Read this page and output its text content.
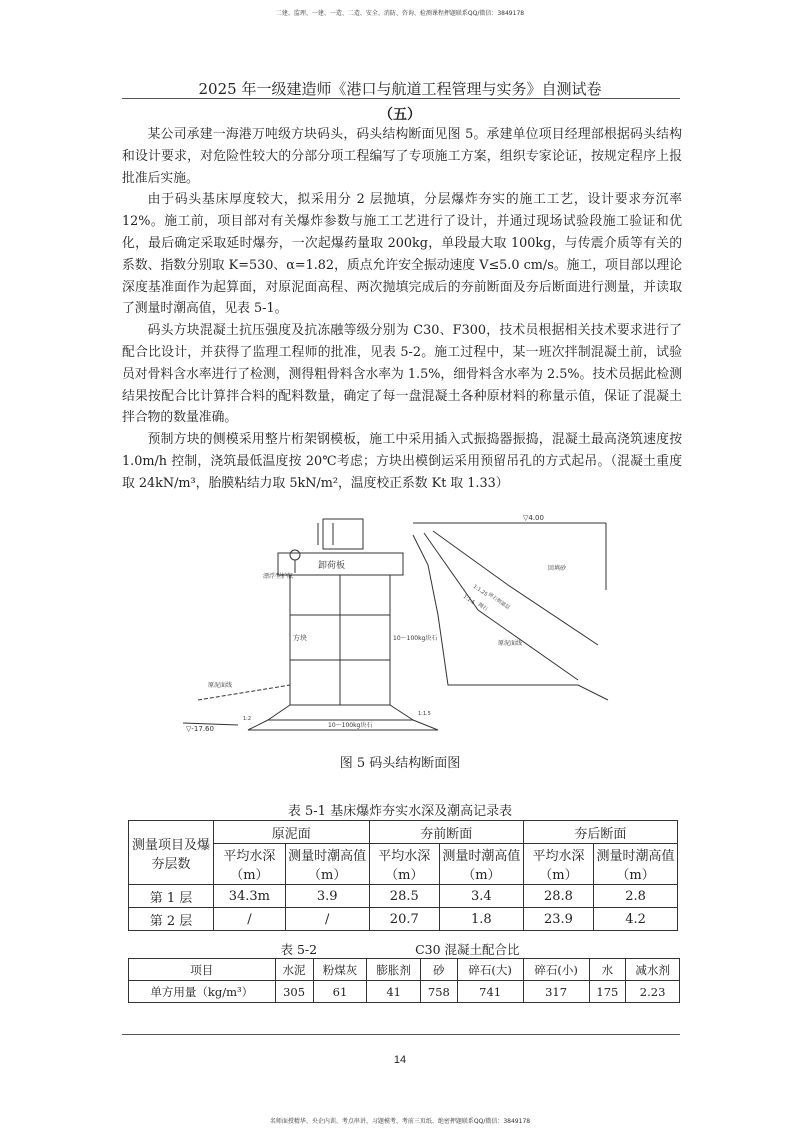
二建、监理、一建、一造、二造、安全、消防、咨询、检测课程押题联系QQ/微信：3849178
2025 年一级建造师《港口与航道工程管理与实务》自测试卷
（五）

某公司承建一海港万吨级方块码头，码头结构断面见图 5。承建单位项目经理部根据码头结构和设计要求，对危险性较大的分部分项工程编写了专项施工方案，组织专家论证，按规定程序上报批准后实施。

由于码头基床厚度较大，拟采用分 2 层抛填，分层爆炸夯实的施工工艺，设计要求夯沉率 12%。施工前，项目部对有关爆炸参数与施工工艺进行了设计，并通过现场试验段施工验证和优化，最后确定采取延时爆夯，一次起爆药量取 200kg，单段最大取 100kg，与传震介质等有关的系数、指数分别取 K=530、α=1.82，质点允许安全振动速度 V≤5.0 cm/s。施工，项目部以理论深度基准面作为起算面，对原泥面高程、两次抛填完成后的夯前断面及夯后断面进行测量，并读取了测量时潮高值，见表 5-1。

码头方块混凝土抗压强度及抗冻融等级分别为 C30、F300，技术员根据相关技术要求进行了配合比设计，并获得了监理工程师的批准，见表 5-2。施工过程中，某一班次拌制混凝土前，试验员对骨料含水率进行了检测，测得粗骨料含水率为 1.5%，细骨料含水率为 2.5%。技术员据此检测结果按配合比计算拌合料的配料数量，确定了每一盘混凝土各种原材料的称量示值，保证了混凝土拌合物的数量准确。

预制方块的侧模采用整片桁架钢模板，施工中采用插入式振捣器振捣，混凝土最高浇筑速度按 1.0m/h 控制，浇筑最低温度按 20℃考虑；方块出模倒运采用预留吊孔的方式起吊。（混凝土重度取 24kN/m³，胎膜粘结力取 5kN/m²，温度校正系数 Kt 取 1.33）

▽4.00
▽-17.60
漂浮型护舷
卸荷板
方块	10～100kg块石
10～100kg块石
回填砂
1:1.25
1:1.5 碎石倒滤层
抛石
原泥面线
原泥面线
1:2
1:1.5
图 5 码头结构断面图
表 5-1 基床爆炸夯实水深及潮高记录表
测量项目及爆夯层数	原泥面		夯前断面		夯后断面	
	平均水深（m）	测量时潮高值（m）	平均水深（m）	测量时潮高值（m）	平均水深（m）	测量时潮高值（m）
第 1 层	34.3m	3.9	28.5	3.4	28.8	2.8
第 2 层	/	/	20.7	1.8	23.9	4.2
表 5-2	C30 混凝土配合比
项目	水泥	粉煤灰	膨胀剂	砂	碎石(大)	碎石(小)	水	减水剂
单方用量（kg/m³）	305	61	41	758	741	317	175	2.23
14
名师面授精华、央企内训、考点串讲、习题模考、考前三页纸、绝密押题联系QQ/微信：3849178
